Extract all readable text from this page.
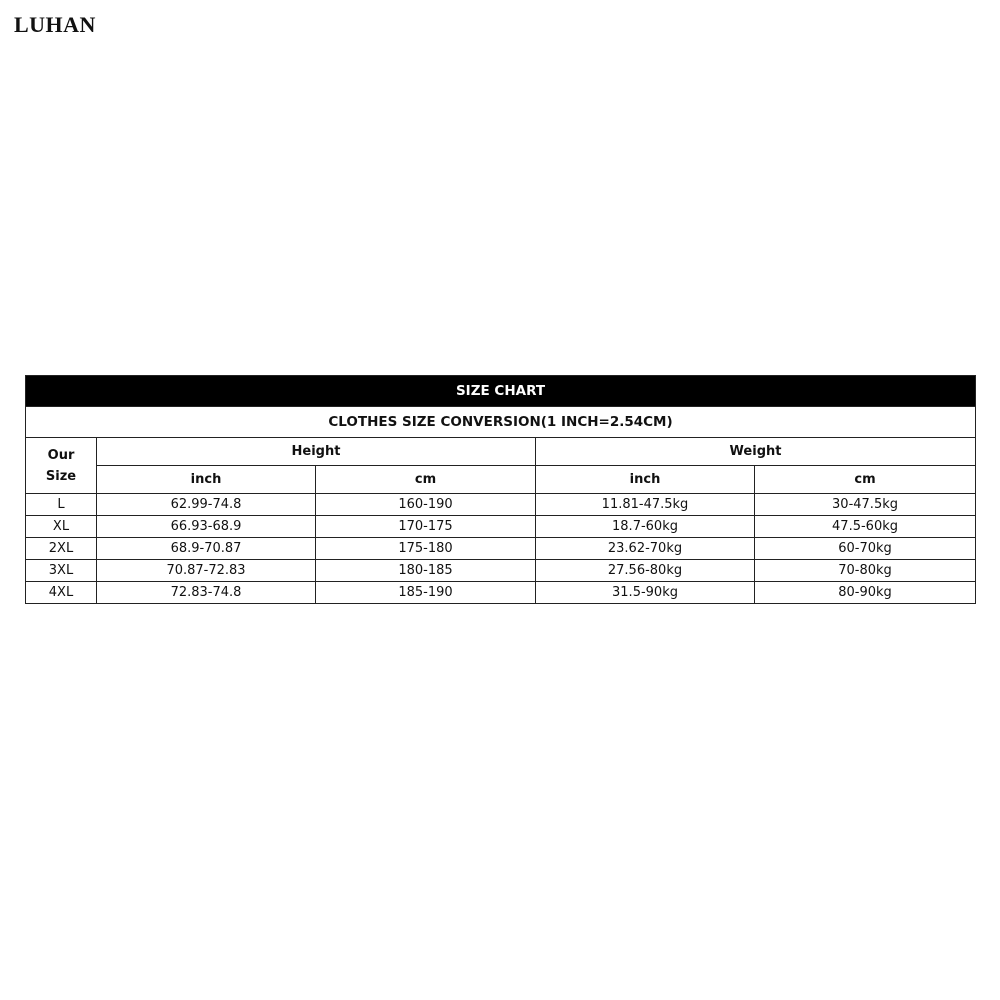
LUHAN
SIZE CHART				
CLOTHES SIZE CONVERSION(1 INCH=2.54CM)				
Our
Size	Height		Weight	
	inch	cm	inch	cm
L	62.99-74.8	160-190	11.81-47.5kg	30-47.5kg
XL	66.93-68.9	170-175	18.7-60kg	47.5-60kg
2XL	68.9-70.87	175-180	23.62-70kg	60-70kg
3XL	70.87-72.83	180-185	27.56-80kg	70-80kg
4XL	72.83-74.8	185-190	31.5-90kg	80-90kg
